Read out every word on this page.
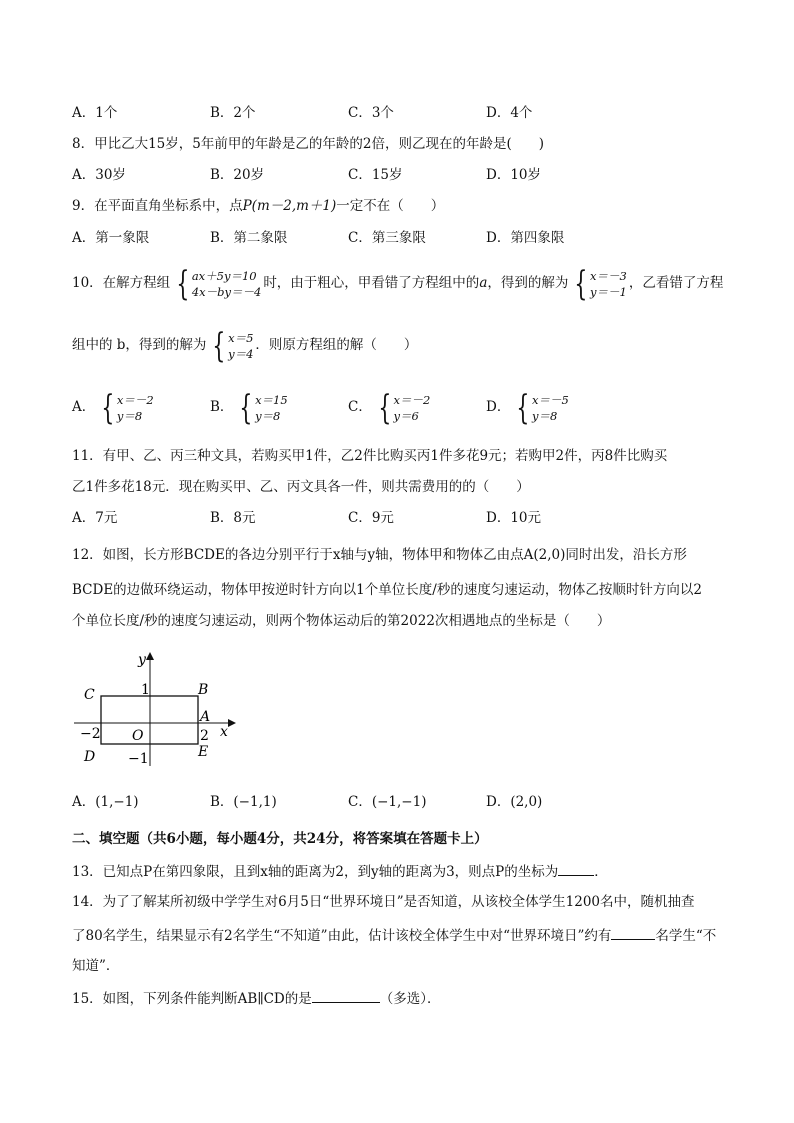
A．1个	B．2个	C．3个	D．4个
8．甲比乙大15岁，5年前甲的年龄是乙的年龄的2倍，则乙现在的年龄是(　　)
A．30岁	B．20岁	C．15岁	D．10岁
9．在平面直角坐标系中，点P(m－2,m＋1)一定不在（　　）
A．第一象限	B．第二象限	C．第三象限	D．第四象限
10．在解方程组 { ax＋5y＝10
4x－by＝－4
时，由于粗心，甲看错了方程组中的a，得到的解为 { x＝－3
y＝－1
，乙看错了方程
组中的 b，得到的解为 { x＝5
y＝4
．则原方程组的解（　　）
A． { x＝－2
y＝8
B． { x＝15
y＝8
C． { x＝－2
y＝6
D． { x＝－5
y＝8
11．有甲、乙、丙三种文具，若购买甲1件，乙2件比购买丙1件多花9元；若购甲2件，丙8件比购买
乙1件多花18元．现在购买甲、乙、丙文具各一件，则共需费用的的（　　）
A．7元	B．8元	C．9元	D．10元
12．如图，长方形BCDE的各边分别平行于x轴与y轴，物体甲和物体乙由点A(2,0)同时出发，沿长方形
BCDE的边做环绕运动，物体甲按逆时针方向以1个单位长度/秒的速度匀速运动，物体乙按顺时针方向以2
个单位长度/秒的速度匀速运动，则两个物体运动后的第2022次相遇地点的坐标是（　　）
y
x
C	B
A
D	E
O
1
−1
2
−2
A．(1,−1)	B．(−1,1)	C．(−1,−1)	D．(2,0)
二、填空题（共6小题，每小题4分，共24分，将答案填在答题卡上）
13．已知点P在第四象限，且到x轴的距离为2，到y轴的距离为3，则点P的坐标为	．
14．为了了解某所初级中学学生对6月5日“世界环境日”是否知道，从该校全体学生1200名中，随机抽查
了80名学生，结果显示有2名学生“不知道”由此，估计该校全体学生中对“世界环境日”约有	名学生“不
知道”．
15．如图，下列条件能判断AB∥CD的是	（多选）．
